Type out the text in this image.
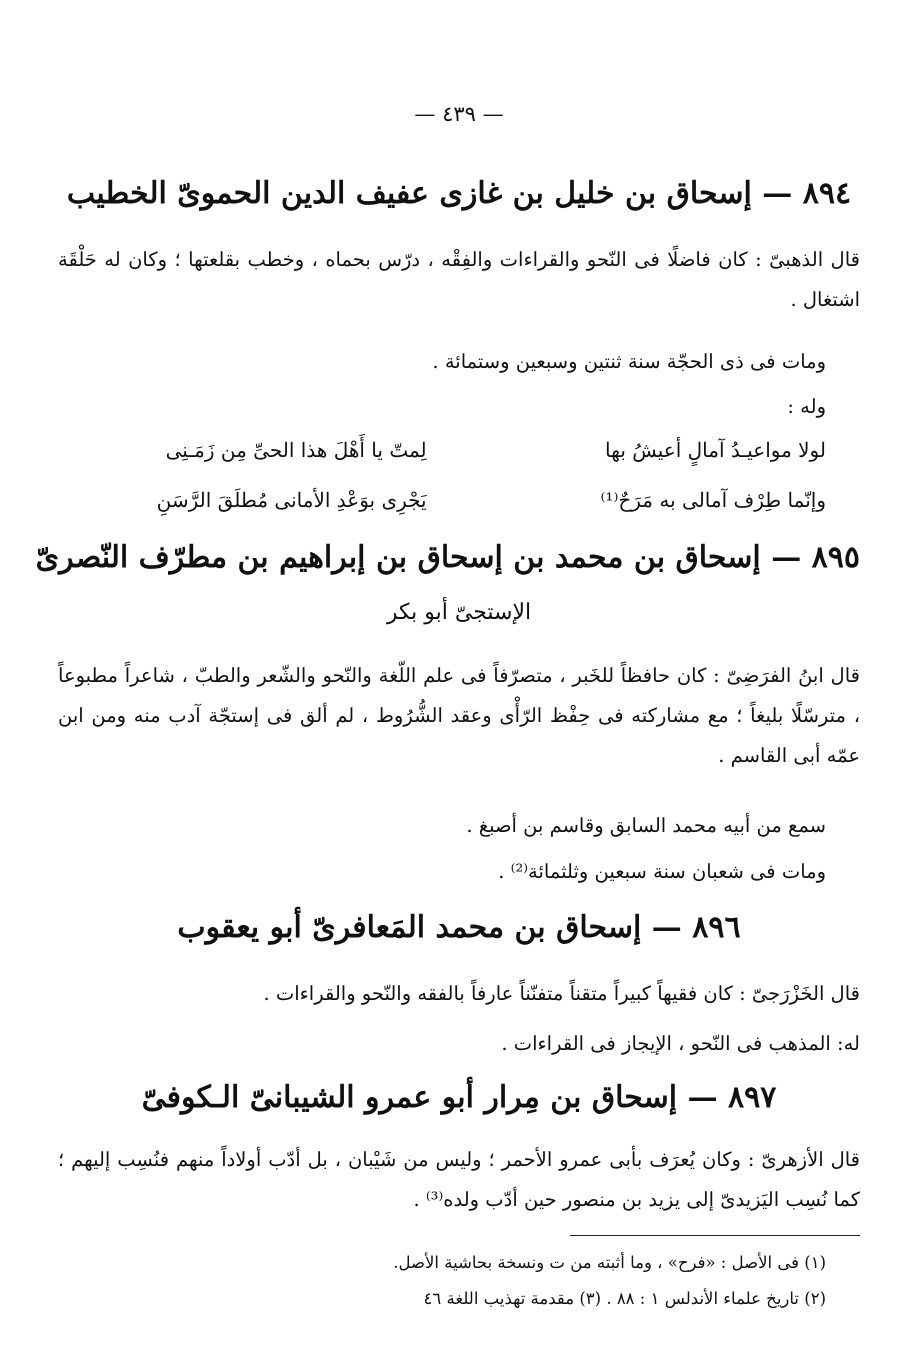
— ٤٣٩ —
٨٩٤ — إسحاق بن خليل بن غازى عفيف الدين الحموىّ الخطيب
قال الذهبىّ : كان فاضلًا فى النّحو والقراءات والفِقْه ، درّس بحماه ، وخطب بقلعتها ؛ وكان له حَلْقَة اشتغال .
ومات فى ذى الحجّة سنة ثنتين وسبعين وستمائة .
وله :
لولا مواعيـدُ آمالٍ أعيشُ بها
لِمتّ يا أَهْلَ هذا الحىِّ مِن زَمَـنِى
وإنّما طِرْف آمالى به مَرَحٌ⁽¹⁾
يَجْرِى بوَعْدِ الأمانى مُطلَقَ الرَّسَنِ
٨٩٥ — إسحاق بن محمد بن إسحاق بن إبراهيم بن مطرّف النّصرىّ
الإستجىّ أبو بكر
قال ابنُ الفرَضِىّ : كان حافظاً للخَبر ، متصرّفاً فى علم اللّغة والنّحو والشّعر والطبّ ، شاعراً مطبوعاً ، مترسّلًا بليغاً ؛ مع مشاركته فى حِفْظ الرّأْى وعقد الشُّرُوط ، لم ألق فى إستجّة آدب منه ومن ابن عمّه أبى القاسم .
سمع من أبيه محمد السابق وقاسم بن أصبغ .
ومات فى شعبان سنة سبعين وثلثمائة⁽²⁾ .
٨٩٦ — إسحاق بن محمد المَعافرىّ أبو يعقوب
قال الخَزْرَجىّ : كان فقيهاً كبيراً متقناً متفنّناً عارفاً بالفقه والنّحو والقراءات .
له: المذهب فى النّحو ، الإيجاز فى القراءات .
٨٩٧ — إسحاق بن مِرار أبو عمرو الشيبانىّ الـكوفىّ
قال الأزهرىّ : وكان يُعرَف بأبى عمرو الأحمر ؛ وليس من شَيْبان ، بل أدّب أولاداً منهم فنُسِب إليهم ؛ كما نُسِب اليَزيدىّ إلى يزيد بن منصور حين أدّب ولده⁽³⁾ .
(١) فى الأصل : «فرح» ، وما أثبته من ت ونسخة بحاشية الأصل.
(٢) تاريخ علماء الأندلس ١ : ٨٨ . (٣) مقدمة تهذيب اللغة ٤٦
